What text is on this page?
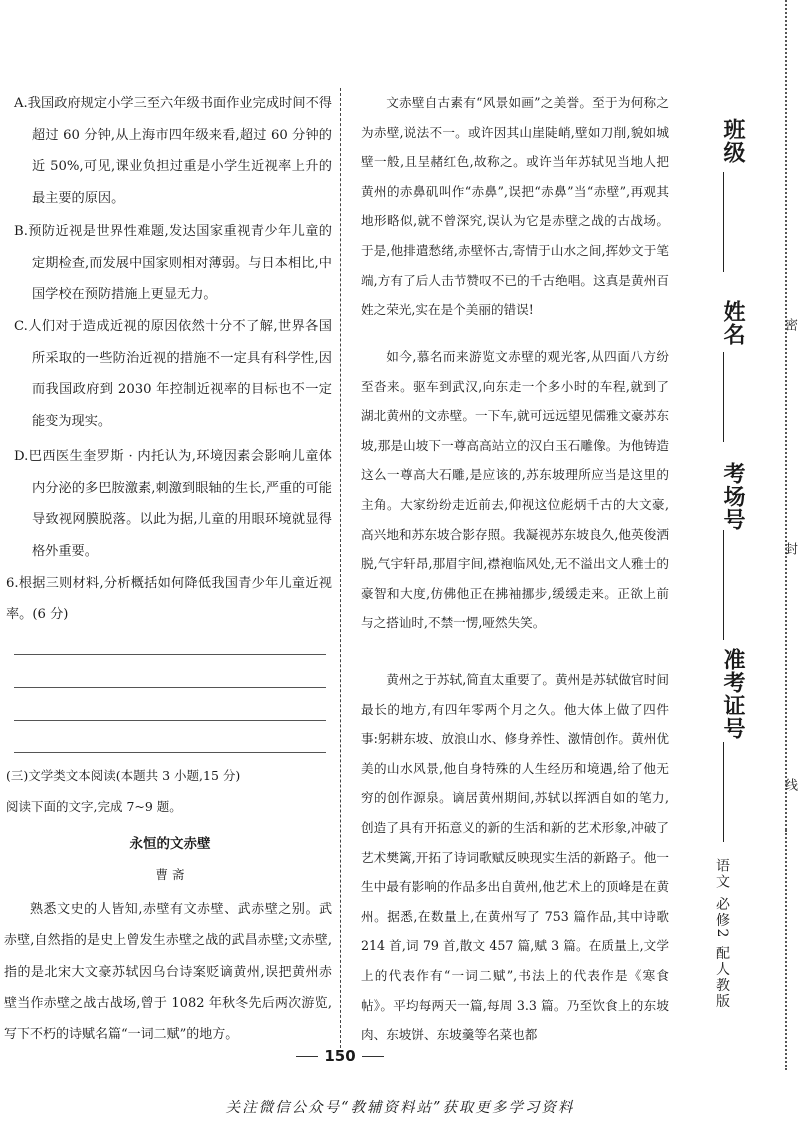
A.我国政府规定小学三至六年级书面作业完成时间不得超过 60 分钟,从上海市四年级来看,超过 60 分钟的近 50%,可见,课业负担过重是小学生近视率上升的最主要的原因。

B.预防近视是世界性难题,发达国家重视青少年儿童的定期检查,而发展中国家则相对薄弱。与日本相比,中国学校在预防措施上更显无力。

C.人们对于造成近视的原因依然十分不了解,世界各国所采取的一些防治近视的措施不一定具有科学性,因而我国政府到 2030 年控制近视率的目标也不一定能变为现实。

D.巴西医生奎罗斯 · 内托认为,环境因素会影响儿童体内分泌的多巴胺激素,刺激到眼轴的生长,严重的可能导致视网膜脱落。以此为据,儿童的用眼环境就显得格外重要。

6.根据三则材料,分析概括如何降低我国青少年儿童近视率。(6 分)

(三)文学类文本阅读(本题共 3 小题,15 分)

阅读下面的文字,完成 7~9 题。

永恒的文赤壁

曹 斋

熟悉文史的人皆知,赤壁有文赤壁、武赤壁之别。武赤壁,自然指的是史上曾发生赤壁之战的武昌赤壁;文赤壁,指的是北宋大文豪苏轼因乌台诗案贬谪黄州,误把黄州赤壁当作赤壁之战古战场,曾于 1082 年秋冬先后两次游览,写下不朽的诗赋名篇“一词二赋”的地方。

文赤壁自古素有“风景如画”之美誉。至于为何称之为赤壁,说法不一。或许因其山崖陡峭,壁如刀削,貌如城壁一般,且呈赭红色,故称之。或许当年苏轼见当地人把黄州的赤鼻矶叫作“赤鼻”,误把“赤鼻”当“赤壁”,再观其地形略似,就不曾深究,误认为它是赤壁之战的古战场。于是,他排遣愁绪,赤壁怀古,寄情于山水之间,挥妙文于笔端,方有了后人击节赞叹不已的千古绝唱。这真是黄州百姓之荣光,实在是个美丽的错误!

如今,慕名而来游览文赤壁的观光客,从四面八方纷至沓来。驱车到武汉,向东走一个多小时的车程,就到了湖北黄州的文赤壁。一下车,就可远远望见儒雅文豪苏东坡,那是山坡下一尊高高站立的汉白玉石雕像。为他铸造这么一尊高大石雕,是应该的,苏东坡理所应当是这里的主角。大家纷纷走近前去,仰视这位彪炳千古的大文豪,高兴地和苏东坡合影存照。我凝视苏东坡良久,他英俊洒脱,气宇轩昂,那眉宇间,襟袍临风处,无不溢出文人雅士的豪智和大度,仿佛他正在拂袖挪步,缓缓走来。正欲上前与之搭讪时,不禁一愣,哑然失笑。

黄州之于苏轼,简直太重要了。黄州是苏轼做官时间最长的地方,有四年零两个月之久。他大体上做了四件事:躬耕东坡、放浪山水、修身养性、激情创作。黄州优美的山水风景,他自身特殊的人生经历和境遇,给了他无穷的创作源泉。谪居黄州期间,苏轼以挥洒自如的笔力,创造了具有开拓意义的新的生活和新的艺术形象,冲破了艺术樊篱,开拓了诗词歌赋反映现实生活的新路子。他一生中最有影响的作品多出自黄州,他艺术上的顶峰是在黄州。据悉,在数量上,在黄州写了 753 篇作品,其中诗歌 214 首,词 79 首,散文 457 篇,赋 3 篇。在质量上,文学上的代表作有“一词二赋”,书法上的代表作是《寒食帖》。平均每两天一篇,每周 3.3 篇。乃至饮食上的东坡肉、东坡饼、东坡羹等名菜也都

班级

姓名	密

考场号

封

准考证号

线

语文 必修2 配人教版

150

关注微信公众号“教辅资料站”获取更多学习资料
